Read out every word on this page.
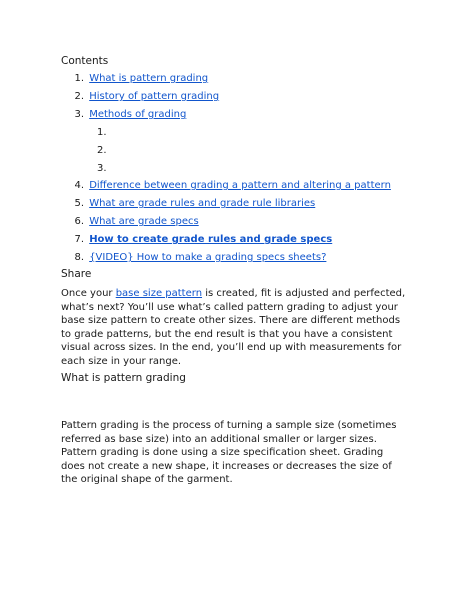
Contents
1. What is pattern grading
2. History of pattern grading
3. Methods of grading
1.
2.
3.
4. Difference between grading a pattern and altering a pattern
5. What are grade rules and grade rule libraries
6. What are grade specs
7. How to create grade rules and grade specs
8. {VIDEO} How to make a grading specs sheets?
Share
Once your base size pattern is created, fit is adjusted and perfected, what’s next? You’ll use what’s called pattern grading to adjust your base size pattern to create other sizes. There are different methods to grade patterns, but the end result is that you have a consistent visual across sizes. In the end, you’ll end up with measurements for each size in your range.
What is pattern grading
Pattern grading is the process of turning a sample size (sometimes referred as base size) into an additional smaller or larger sizes. Pattern grading is done using a size specification sheet. Grading does not create a new shape, it increases or decreases the size of the original shape of the garment.
